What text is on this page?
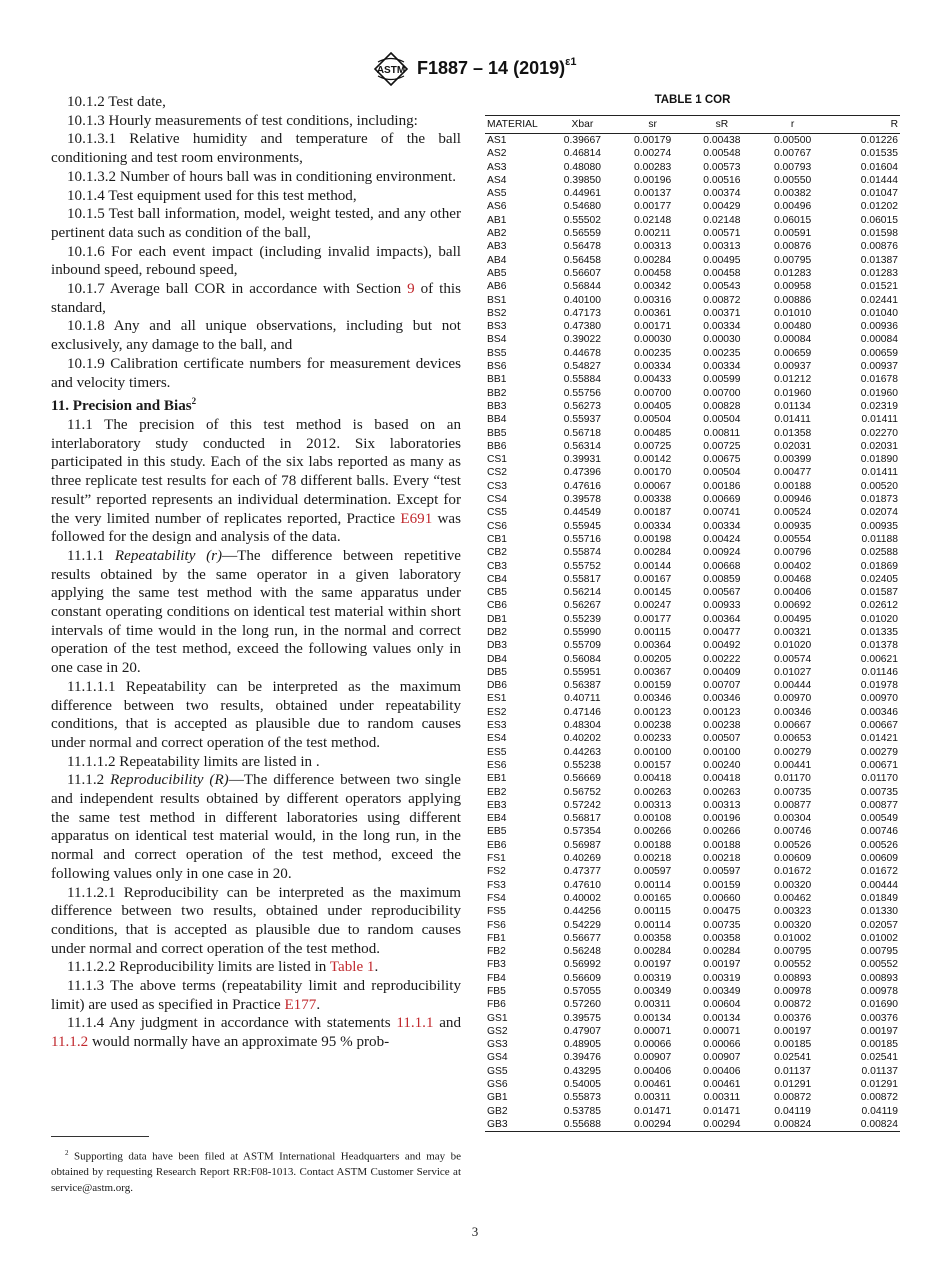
ASTM F1887 – 14 $(2019)^{\varepsilon 1}$

10.1.2 Test date,

10.1.3 Hourly measurements of test conditions, including:

10.1.3.1 Relative humidity and temperature of the ball conditioning and test room environments,

10.1.3.2 Number of hours ball was in conditioning environment.

10.1.4 Test equipment used for this test method,

10.1.5 Test ball information, model, weight tested, and any other pertinent data such as condition of the ball,

10.1.6 For each event impact (including invalid impacts), ball inbound speed, rebound speed,

10.1.7 Average ball COR in accordance with Section 9 of this standard,

10.1.8 Any and all unique observations, including but not exclusively, any damage to the ball, and

10.1.9 Calibration certificate numbers for measurement devices and velocity timers.

11. Precision and Bias$^2$

11.1 The precision of this test method is based on an interlaboratory study conducted in 2012. Six laboratories participated in this study. Each of the six labs reported as many as three replicate test results for each of 78 different balls. Every “test result” reported represents an individual determination. Except for the very limited number of replicates reported, Practice E691 was followed for the design and analysis of the data.

11.1.1 Repeatability (r)—The difference between repetitive results obtained by the same operator in a given laboratory applying the same test method with the same apparatus under constant operating conditions on identical test material within short intervals of time would in the long run, in the normal and correct operation of the test method, exceed the following values only in one case in 20.

11.1.1.1 Repeatability can be interpreted as the maximum difference between two results, obtained under repeatability conditions, that is accepted as plausible due to random causes under normal and correct operation of the test method.

11.1.1.2 Repeatability limits are listed in .

11.1.2 Reproducibility (R)—The difference between two single and independent results obtained by different operators applying the same test method in different laboratories using different apparatus on identical test material would, in the long run, in the normal and correct operation of the test method, exceed the following values only in one case in 20.

11.1.2.1 Reproducibility can be interpreted as the maximum difference between two results, obtained under reproducibility conditions, that is accepted as plausible due to random causes under normal and correct operation of the test method.

11.1.2.2 Reproducibility limits are listed in Table 1.

11.1.3 The above terms (repeatability limit and reproducibility limit) are used as specified in Practice E177.

11.1.4 Any judgment in accordance with statements 11.1.1 and 11.1.2 would normally have an approximate 95 % prob-

$^2$ Supporting data have been filed at ASTM International Headquarters and may be obtained by requesting Research Report RR:F08-1013. Contact ASTM Customer Service at service@astm.org.
TABLE 1 COR
MATERIAL	Xbar	sr	sR	r	R
AS1	0.39667	0.00179	0.00438	0.00500	0.01226
AS2	0.46814	0.00274	0.00548	0.00767	0.01535
AS3	0.48080	0.00283	0.00573	0.00793	0.01604
AS4	0.39850	0.00196	0.00516	0.00550	0.01444
AS5	0.44961	0.00137	0.00374	0.00382	0.01047
AS6	0.54680	0.00177	0.00429	0.00496	0.01202
AB1	0.55502	0.02148	0.02148	0.06015	0.06015
AB2	0.56559	0.00211	0.00571	0.00591	0.01598
AB3	0.56478	0.00313	0.00313	0.00876	0.00876
AB4	0.56458	0.00284	0.00495	0.00795	0.01387
AB5	0.56607	0.00458	0.00458	0.01283	0.01283
AB6	0.56844	0.00342	0.00543	0.00958	0.01521
BS1	0.40100	0.00316	0.00872	0.00886	0.02441
BS2	0.47173	0.00361	0.00371	0.01010	0.01040
BS3	0.47380	0.00171	0.00334	0.00480	0.00936
BS4	0.39022	0.00030	0.00030	0.00084	0.00084
BS5	0.44678	0.00235	0.00235	0.00659	0.00659
BS6	0.54827	0.00334	0.00334	0.00937	0.00937
BB1	0.55884	0.00433	0.00599	0.01212	0.01678
BB2	0.55756	0.00700	0.00700	0.01960	0.01960
BB3	0.56273	0.00405	0.00828	0.01134	0.02319
BB4	0.55937	0.00504	0.00504	0.01411	0.01411
BB5	0.56718	0.00485	0.00811	0.01358	0.02270
BB6	0.56314	0.00725	0.00725	0.02031	0.02031
CS1	0.39931	0.00142	0.00675	0.00399	0.01890
CS2	0.47396	0.00170	0.00504	0.00477	0.01411
CS3	0.47616	0.00067	0.00186	0.00188	0.00520
CS4	0.39578	0.00338	0.00669	0.00946	0.01873
CS5	0.44549	0.00187	0.00741	0.00524	0.02074
CS6	0.55945	0.00334	0.00334	0.00935	0.00935
CB1	0.55716	0.00198	0.00424	0.00554	0.01188
CB2	0.55874	0.00284	0.00924	0.00796	0.02588
CB3	0.55752	0.00144	0.00668	0.00402	0.01869
CB4	0.55817	0.00167	0.00859	0.00468	0.02405
CB5	0.56214	0.00145	0.00567	0.00406	0.01587
CB6	0.56267	0.00247	0.00933	0.00692	0.02612
DB1	0.55239	0.00177	0.00364	0.00495	0.01020
DB2	0.55990	0.00115	0.00477	0.00321	0.01335
DB3	0.55709	0.00364	0.00492	0.01020	0.01378
DB4	0.56084	0.00205	0.00222	0.00574	0.00621
DB5	0.55951	0.00367	0.00409	0.01027	0.01146
DB6	0.56387	0.00159	0.00707	0.00444	0.01978
ES1	0.40711	0.00346	0.00346	0.00970	0.00970
ES2	0.47146	0.00123	0.00123	0.00346	0.00346
ES3	0.48304	0.00238	0.00238	0.00667	0.00667
ES4	0.40202	0.00233	0.00507	0.00653	0.01421
ES5	0.44263	0.00100	0.00100	0.00279	0.00279
ES6	0.55238	0.00157	0.00240	0.00441	0.00671
EB1	0.56669	0.00418	0.00418	0.01170	0.01170
EB2	0.56752	0.00263	0.00263	0.00735	0.00735
EB3	0.57242	0.00313	0.00313	0.00877	0.00877
EB4	0.56817	0.00108	0.00196	0.00304	0.00549
EB5	0.57354	0.00266	0.00266	0.00746	0.00746
EB6	0.56987	0.00188	0.00188	0.00526	0.00526
FS1	0.40269	0.00218	0.00218	0.00609	0.00609
FS2	0.47377	0.00597	0.00597	0.01672	0.01672
FS3	0.47610	0.00114	0.00159	0.00320	0.00444
FS4	0.40002	0.00165	0.00660	0.00462	0.01849
FS5	0.44256	0.00115	0.00475	0.00323	0.01330
FS6	0.54229	0.00114	0.00735	0.00320	0.02057
FB1	0.56677	0.00358	0.00358	0.01002	0.01002
FB2	0.56248	0.00284	0.00284	0.00795	0.00795
FB3	0.56992	0.00197	0.00197	0.00552	0.00552
FB4	0.56609	0.00319	0.00319	0.00893	0.00893
FB5	0.57055	0.00349	0.00349	0.00978	0.00978
FB6	0.57260	0.00311	0.00604	0.00872	0.01690
GS1	0.39575	0.00134	0.00134	0.00376	0.00376
GS2	0.47907	0.00071	0.00071	0.00197	0.00197
GS3	0.48905	0.00066	0.00066	0.00185	0.00185
GS4	0.39476	0.00907	0.00907	0.02541	0.02541
GS5	0.43295	0.00406	0.00406	0.01137	0.01137
GS6	0.54005	0.00461	0.00461	0.01291	0.01291
GB1	0.55873	0.00311	0.00311	0.00872	0.00872
GB2	0.53785	0.01471	0.01471	0.04119	0.04119
GB3	0.55688	0.00294	0.00294	0.00824	0.00824
3
